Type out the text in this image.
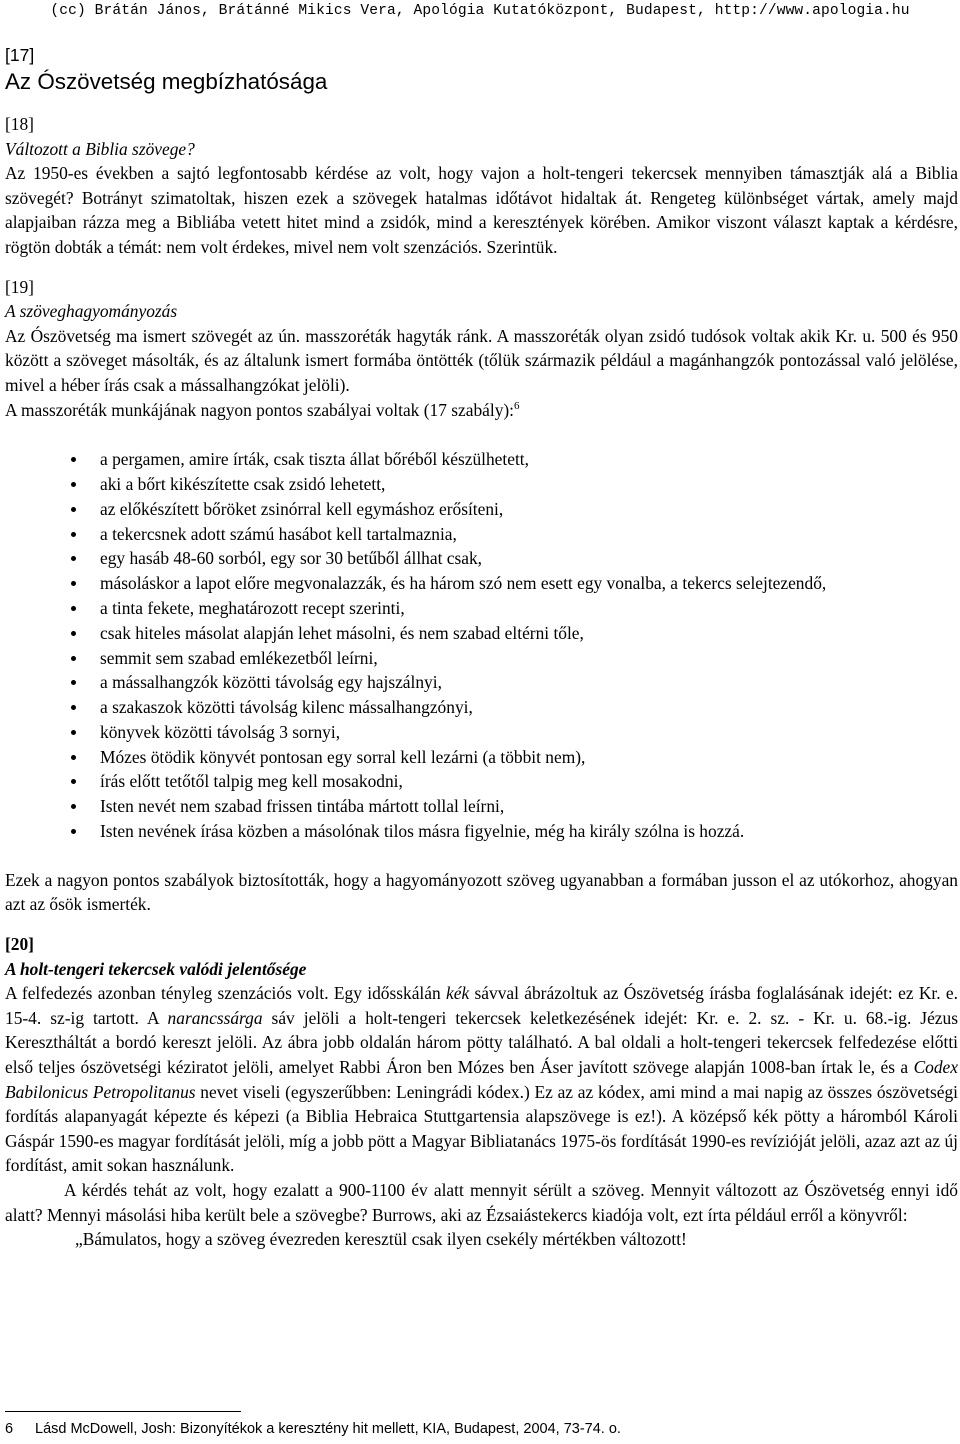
(cc) Brátán János, Brátánné Mikics Vera, Apológia Kutatóközpont, Budapest, http://www.apologia.hu
[17]
Az Ószövetség megbízhatósága
[18]
Változott a Biblia szövege?

Az 1950-es években a sajtó legfontosabb kérdése az volt, hogy vajon a holt-tengeri tekercsek mennyiben támasztják alá a Biblia szövegét? Botrányt szimatoltak, hiszen ezek a szövegek hatalmas időtávot hidaltak át. Rengeteg különbséget vártak, amely majd alapjaiban rázza meg a Bibliába vetett hitet mind a zsidók, mind a keresztények körében. Amikor viszont választ kaptak a kérdésre, rögtön dobták a témát: nem volt érdekes, mivel nem volt szenzációs. Szerintük.

[19]
A szöveghagyományozás

Az Ószövetség ma ismert szövegét az ún. masszoréták hagyták ránk. A masszoréták olyan zsidó tudósok voltak akik Kr. u. 500 és 950 között a szöveget másolták, és az általunk ismert formába öntötték (tőlük származik például a magánhangzók pontozással való jelölése, mivel a héber írás csak a mássalhangzókat jelöli).

A masszoréták munkájának nagyon pontos szabályai voltak (17 szabály):$^6$

a pergamen, amire írták, csak tiszta állat bőréből készülhetett,
aki a bőrt kikészítette csak zsidó lehetett,
az előkészített bőröket zsinórral kell egymáshoz erősíteni,
a tekercsnek adott számú hasábot kell tartalmaznia,
egy hasáb 48-60 sorból, egy sor 30 betűből állhat csak,
másoláskor a lapot előre megvonalazzák, és ha három szó nem esett egy vonalba, a tekercs selejtezendő,
a tinta fekete, meghatározott recept szerinti,
csak hiteles másolat alapján lehet másolni, és nem szabad eltérni tőle,
semmit sem szabad emlékezetből leírni,
a mássalhangzók közötti távolság egy hajszálnyi,
a szakaszok közötti távolság kilenc mássalhangzónyi,
könyvek közötti távolság 3 sornyi,
Mózes ötödik könyvét pontosan egy sorral kell lezárni (a többit nem),
írás előtt tetőtől talpig meg kell mosakodni,
Isten nevét nem szabad frissen tintába mártott tollal leírni,
Isten nevének írása közben a másolónak tilos másra figyelnie, még ha király szólna is hozzá.

Ezek a nagyon pontos szabályok biztosították, hogy a hagyományozott szöveg ugyanabban a formában jusson el az utókorhoz, ahogyan azt az ősök ismerték.

[20]
A holt-tengeri tekercsek valódi jelentősége

A felfedezés azonban tényleg szenzációs volt. Egy idősskálán kék sávval ábrázoltuk az Ószövetség írásba foglalásának idejét: ez Kr. e. 15-4. sz-ig tartott. A narancssárga sáv jelöli a holt-tengeri tekercsek keletkezésének idejét: Kr. e. 2. sz. - Kr. u. 68.-ig. Jézus Keresztháltát a bordó kereszt jelöli. Az ábra jobb oldalán három pötty található. A bal oldali a holt-tengeri tekercsek felfedezése előtti első teljes ószövetségi kéziratot jelöli, amelyet Rabbi Áron ben Mózes ben Áser javított szövege alapján 1008-ban írtak le, és a Codex Babilonicus Petropolitanus nevet viseli (egyszerűbben: Leningrádi kódex.) Ez az az kódex, ami mind a mai napig az összes ószövetségi fordítás alapanyagát képezte és képezi (a Biblia Hebraica Stuttgartensia alapszövege is ez!). A középső kék pötty a háromból Károli Gáspár 1590-es magyar fordítását jelöli, míg a jobb pött a Magyar Bibliatanács 1975-ös fordítását 1990-es revízióját jelöli, azaz azt az új fordítást, amit sokan használunk.

A kérdés tehát az volt, hogy ezalatt a 900-1100 év alatt mennyit sérült a szöveg. Mennyit változott az Ószövetség ennyi idő alatt? Mennyi másolási hiba került bele a szövegbe? Burrows, aki az Ézsaiástekercs kiadója volt, ezt írta például erről a könyvről:

„Bámulatos, hogy a szöveg évezreden keresztül csak ilyen csekély mértékben változott!

6 Lásd McDowell, Josh: Bizonyítékok a keresztény hit mellett, KIA, Budapest, 2004, 73-74. o.
